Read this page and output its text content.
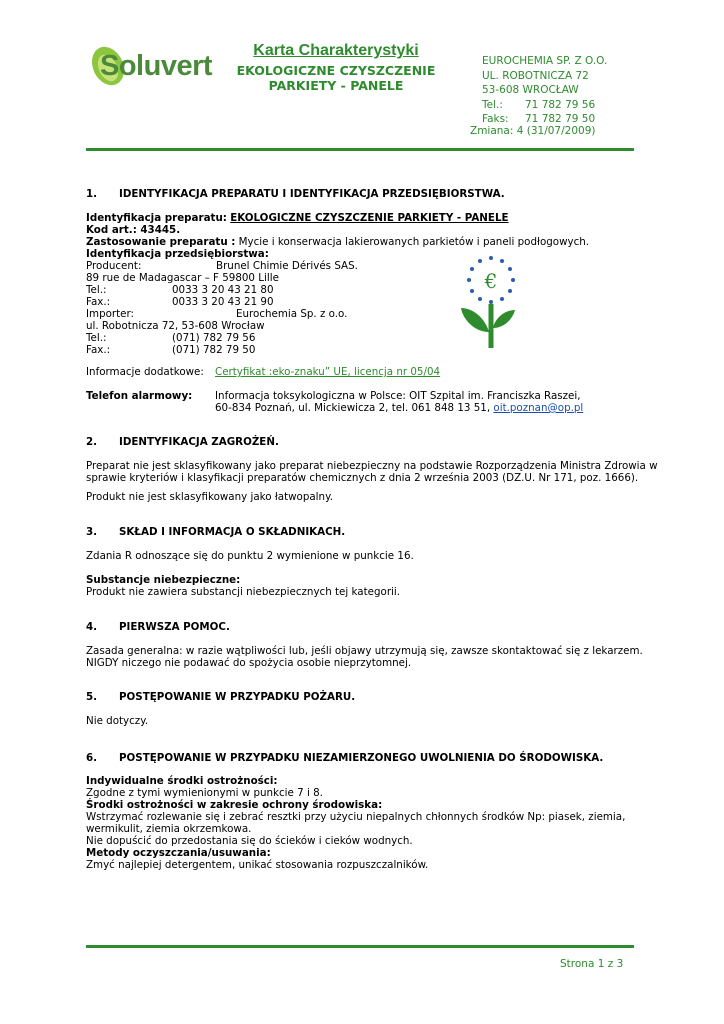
Soluvert	Karta Charakterystyki
EKOLOGICZNE CZYSZCZENIE
PARKIETY - PANELE
EUROCHEMIA SP. Z O.O.
UL. ROBOTNICZA 72
53-608 WROCŁAW
Tel.: 71 782 79 56
Faks: 71 782 79 50
Zmiana: 4 (31/07/2009)
1. IDENTYFIKACJA PREPARATU I IDENTYFIKACJA PRZEDSIĘBIORSTWA.
Identyfikacja preparatu: EKOLOGICZNE CZYSZCZENIE PARKIETY - PANELE
Kod art.: 43445.
Zastosowanie preparatu : Mycie i konserwacja lakierowanych parkietów i paneli podłogowych.
Identyfikacja przedsiębiorstwa:
Producent:	Brunel Chimie Dérivés SAS.
89 rue de Madagascar – F 59800 Lille
Tel.:	0033 3 20 43 21 80
Fax.:	0033 3 20 43 21 90
Importer:	Eurochemia Sp. z o.o.
ul. Robotnicza 72, 53-608 Wrocław
Tel.:	(071) 782 79 56
Fax.:	(071) 782 79 50
€
Informacje dodatkowe: Certyfikat :eko-znaku” UE, licencja nr 05/04
Telefon alarmowy: Informacja toksykologiczna w Polsce: OIT Szpital im. Franciszka Raszei,
60-834 Poznań, ul. Mickiewicza 2, tel. 061 848 13 51, oit.poznan@op.pl
2. IDENTYFIKACJA ZAGROŻEŃ.
Preparat nie jest sklasyfikowany jako preparat niebezpieczny na podstawie Rozporządzenia Ministra Zdrowia w
sprawie kryteriów i klasyfikacji preparatów chemicznych z dnia 2 września 2003 (DZ.U. Nr 171, poz. 1666).
Produkt nie jest sklasyfikowany jako łatwopalny.
3. SKŁAD I INFORMACJA O SKŁADNIKACH.
Zdania R odnoszące się do punktu 2 wymienione w punkcie 16.
Substancje niebezpieczne:
Produkt nie zawiera substancji niebezpiecznych tej kategorii.
4. PIERWSZA POMOC.
Zasada generalna: w razie wątpliwości lub, jeśli objawy utrzymują się, zawsze skontaktować się z lekarzem.
NIGDY niczego nie podawać do spożycia osobie nieprzytomnej.
5. POSTĘPOWANIE W PRZYPADKU POŻARU.
Nie dotyczy.
6. POSTĘPOWANIE W PRZYPADKU NIEZAMIERZONEGO UWOLNIENIA DO ŚRODOWISKA.
Indywidualne środki ostrożności:
Zgodne z tymi wymienionymi w punkcie 7 i 8.
Środki ostrożności w zakresie ochrony środowiska:
Wstrzymać rozlewanie się i zebrać resztki przy użyciu niepalnych chłonnych środków Np: piasek, ziemia,
wermikulit, ziemia okrzemkowa.
Nie dopuścić do przedostania się do ścieków i cieków wodnych.
Metody oczyszczania/usuwania:
Zmyć najlepiej detergentem, unikać stosowania rozpuszczalników.
Strona 1 z 3
